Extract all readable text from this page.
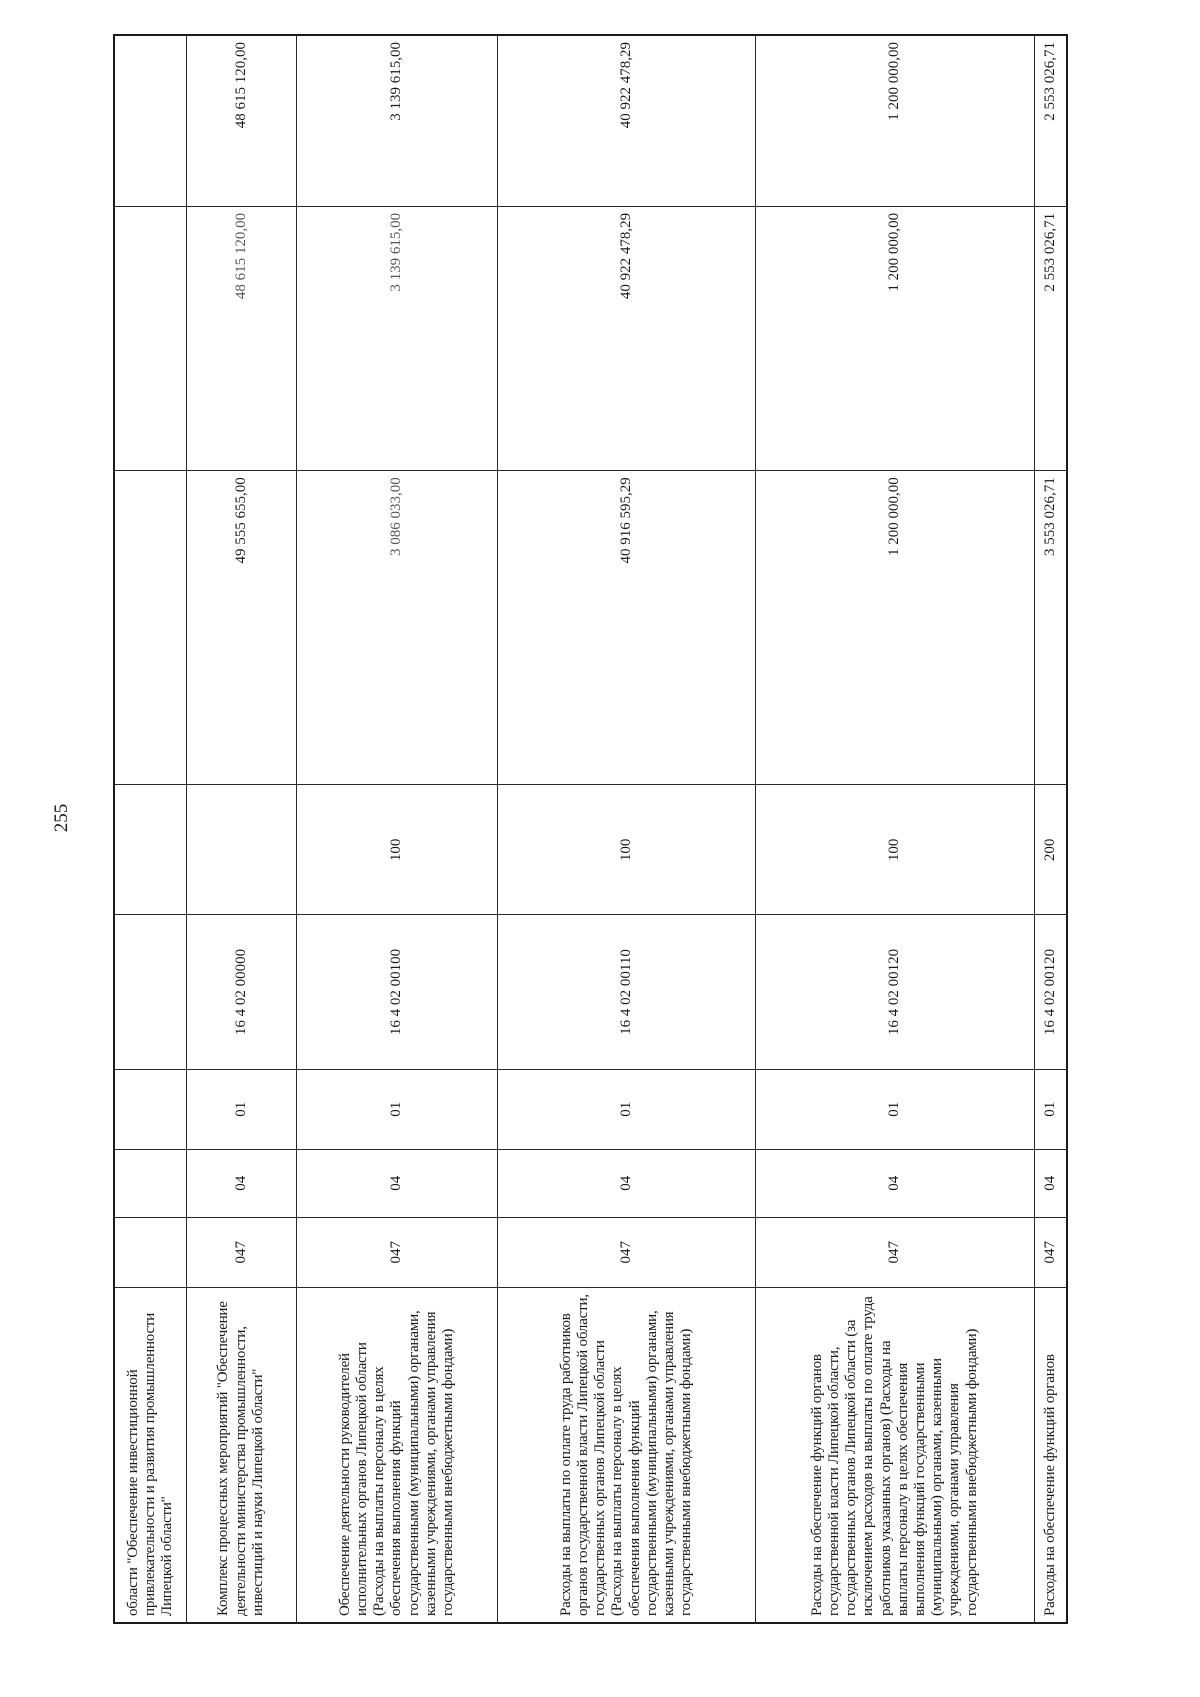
255
области "Обеспечение инвестиционной привлекательности и развития промышленности Липецкой области"								
Комплекс процессных мероприятий "Обеспечение деятельности министерства промышленности, инвестиций и науки Липецкой области"	047	04	01	16 4 02 00000		49 555 655,00	48 615 120,00	48 615 120,00
Обеспечение деятельности руководителей исполнительных органов Липецкой области (Расходы на выплаты персоналу в целях обеспечения выполнения функций государственными (муниципальными) органами, казенными учреждениями, органами управления государственными внебюджетными фондами)	047	04	01	16 4 02 00100	100	3 086 033,00	3 139 615,00	3 139 615,00
Расходы на выплаты по оплате труда работников органов государственной власти Липецкой области, государственных органов Липецкой области (Расходы на выплаты персоналу в целях обеспечения выполнения функций государственными (муниципальными) органами, казенными учреждениями, органами управления государственными внебюджетными фондами)	047	04	01	16 4 02 00110	100	40 916 595,29	40 922 478,29	40 922 478,29
Расходы на обеспечение функций органов государственной власти Липецкой области, государственных органов Липецкой области (за исключением расходов на выплаты по оплате труда работников указанных органов) (Расходы на выплаты персоналу в целях обеспечения выполнения функций государственными (муниципальными) органами, казенными учреждениями, органами управления государственными внебюджетными фондами)	047	04	01	16 4 02 00120	100	1 200 000,00	1 200 000,00	1 200 000,00
Расходы на обеспечение функций органов	047	04	01	16 4 02 00120	200	3 553 026,71	2 553 026,71	2 553 026,71
